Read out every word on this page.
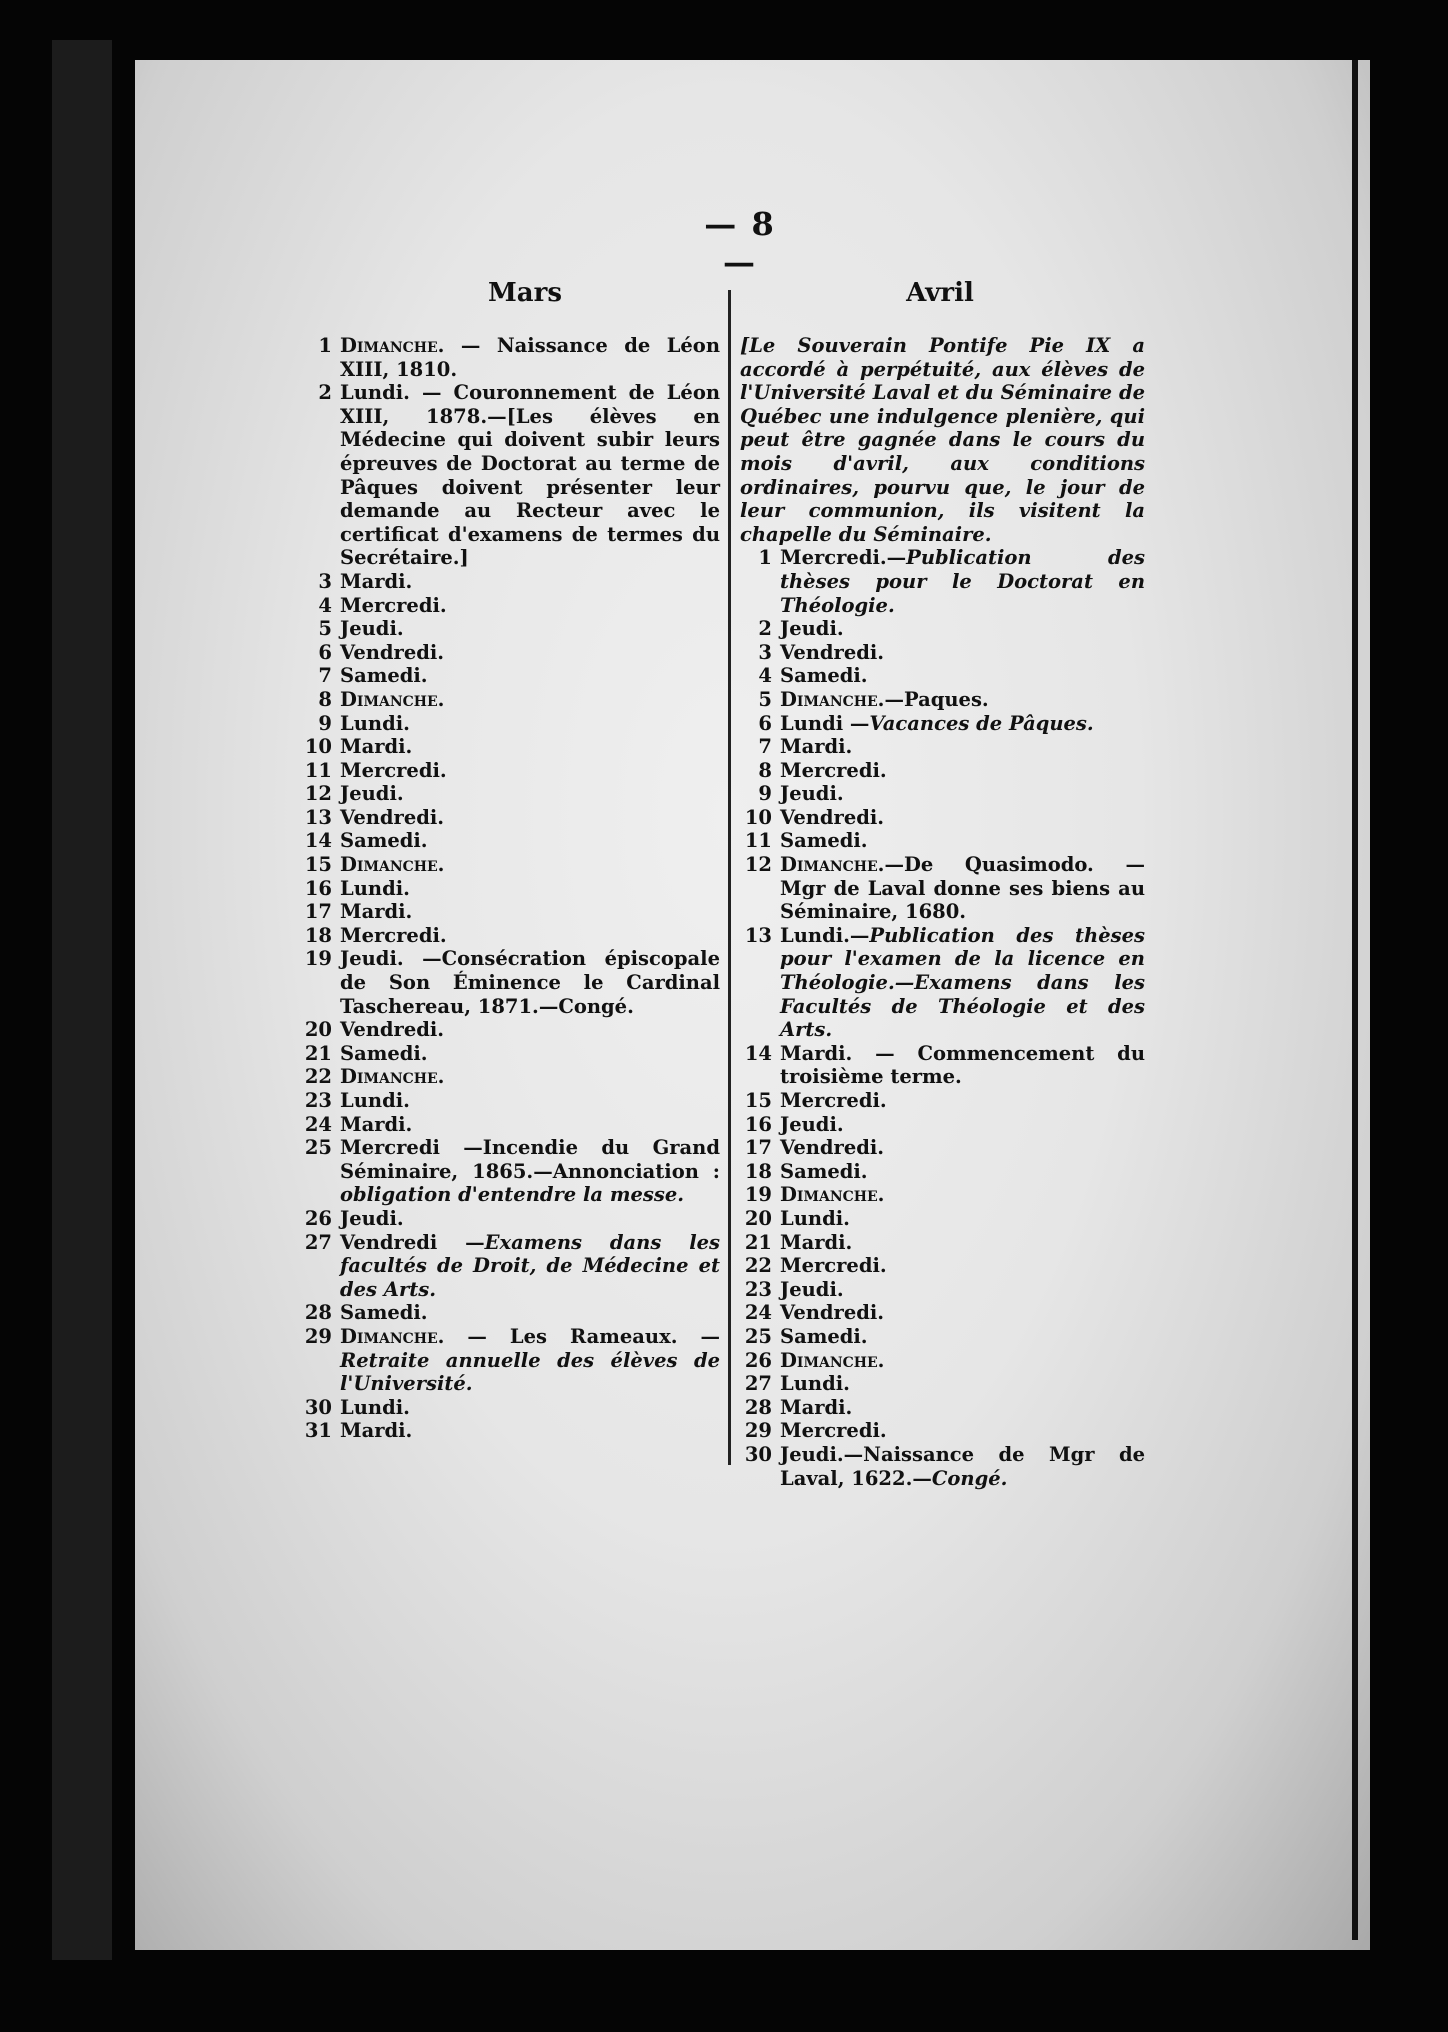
— 8 —
Mars	Avril
1 Dimanche. — Naissance de Léon XIII, 1810.
2 Lundi. — Couronnement de Léon XIII, 1878.—[Les élèves en Médecine qui doivent subir leurs épreuves de Doctorat au terme de Pâques doivent présenter leur demande au Recteur avec le certificat d'examens de termes du Secrétaire.]
3 Mardi.
4 Mercredi.
5 Jeudi.
6 Vendredi.
7 Samedi.
8 Dimanche.
9 Lundi.
10 Mardi.
11 Mercredi.
12 Jeudi.
13 Vendredi.
14 Samedi.
15 Dimanche.
16 Lundi.
17 Mardi.
18 Mercredi.
19 Jeudi. —Consécration épiscopale de Son Éminence le Cardinal Taschereau, 1871.—Congé.
20 Vendredi.
21 Samedi.
22 Dimanche.
23 Lundi.
24 Mardi.
25 Mercredi —Incendie du Grand Séminaire, 1865.—Annonciation : obligation d'entendre la messe.
26 Jeudi.
27 Vendredi —Examens dans les facultés de Droit, de Médecine et des Arts.
28 Samedi.
29 Dimanche. — Les Rameaux. — Retraite annuelle des élèves de l'Université.
30 Lundi.
31 Mardi.
[Le Souverain Pontife Pie IX a accordé à perpétuité, aux élèves de l'Université Laval et du Séminaire de Québec une indulgence plenière, qui peut être gagnée dans le cours du mois d'avril, aux conditions ordinaires, pourvu que, le jour de leur communion, ils visitent la chapelle du Séminaire.
1 Mercredi.—Publication des thèses pour le Doctorat en Théologie.
2 Jeudi.
3 Vendredi.
4 Samedi.
5 Dimanche.—Paques.
6 Lundi —Vacances de Pâques.
7 Mardi.
8 Mercredi.
9 Jeudi.
10 Vendredi.
11 Samedi.
12 Dimanche.—De Quasimodo. — Mgr de Laval donne ses biens au Séminaire, 1680.
13 Lundi.—Publication des thèses pour l'examen de la licence en Théologie.—Examens dans les Facultés de Théologie et des Arts.
14 Mardi. — Commencement du troisième terme.
15 Mercredi.
16 Jeudi.
17 Vendredi.
18 Samedi.
19 Dimanche.
20 Lundi.
21 Mardi.
22 Mercredi.
23 Jeudi.
24 Vendredi.
25 Samedi.
26 Dimanche.
27 Lundi.
28 Mardi.
29 Mercredi.
30 Jeudi.—Naissance de Mgr de Laval, 1622.—Congé.
